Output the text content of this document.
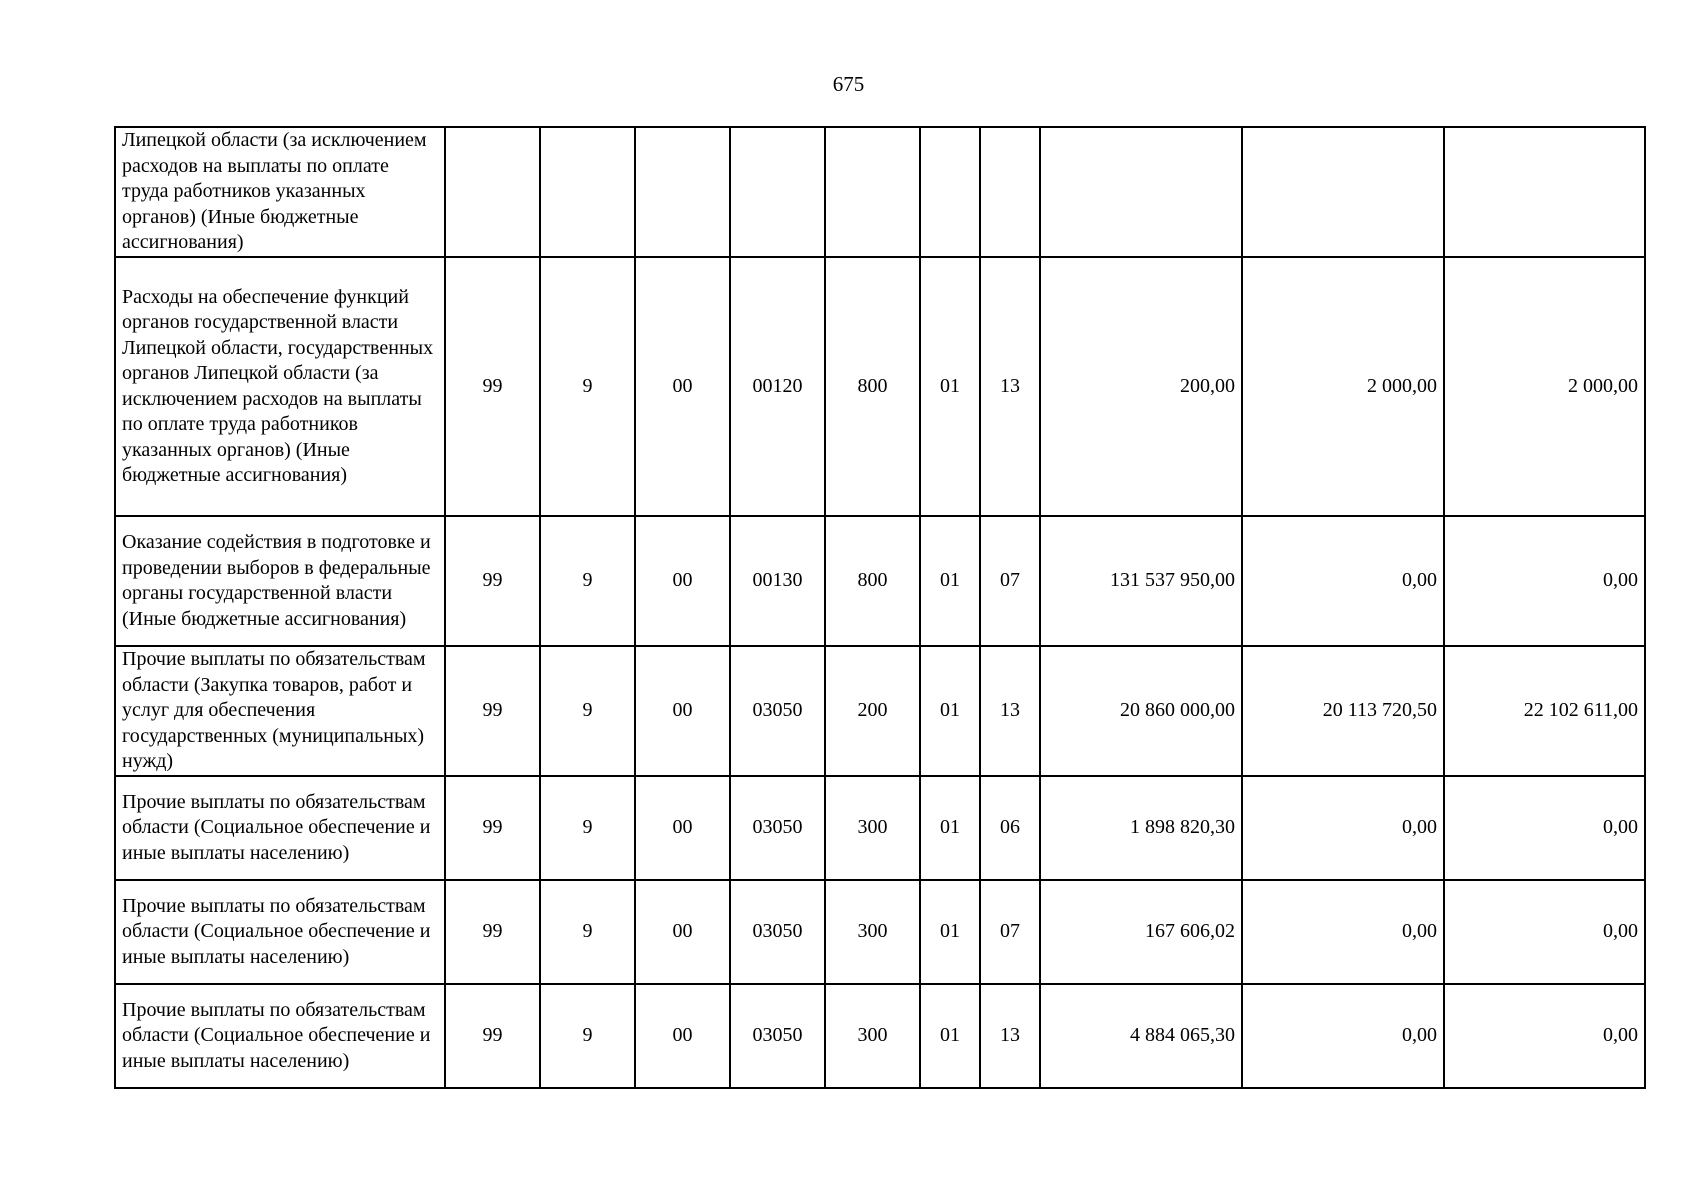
675
Липецкой области (за исключением расходов на выплаты по оплате труда работников указанных органов) (Иные бюджетные ассигнования)										
Расходы на обеспечение функций органов государственной власти Липецкой области, государственных органов Липецкой области (за исключением расходов на выплаты по оплате труда работников указанных органов) (Иные бюджетные ассигнования)	99	9	00	00120	800	01	13	200,00	2 000,00	2 000,00
Оказание содействия в подготовке и проведении выборов в федеральные органы государственной власти (Иные бюджетные ассигнования)	99	9	00	00130	800	01	07	131 537 950,00	0,00	0,00
Прочие выплаты по обязательствам области (Закупка товаров, работ и услуг для обеспечения государственных (муниципальных) нужд)	99	9	00	03050	200	01	13	20 860 000,00	20 113 720,50	22 102 611,00
Прочие выплаты по обязательствам области (Социальное обеспечение и иные выплаты населению)	99	9	00	03050	300	01	06	1 898 820,30	0,00	0,00
Прочие выплаты по обязательствам области (Социальное обеспечение и иные выплаты населению)	99	9	00	03050	300	01	07	167 606,02	0,00	0,00
Прочие выплаты по обязательствам области (Социальное обеспечение и иные выплаты населению)	99	9	00	03050	300	01	13	4 884 065,30	0,00	0,00
